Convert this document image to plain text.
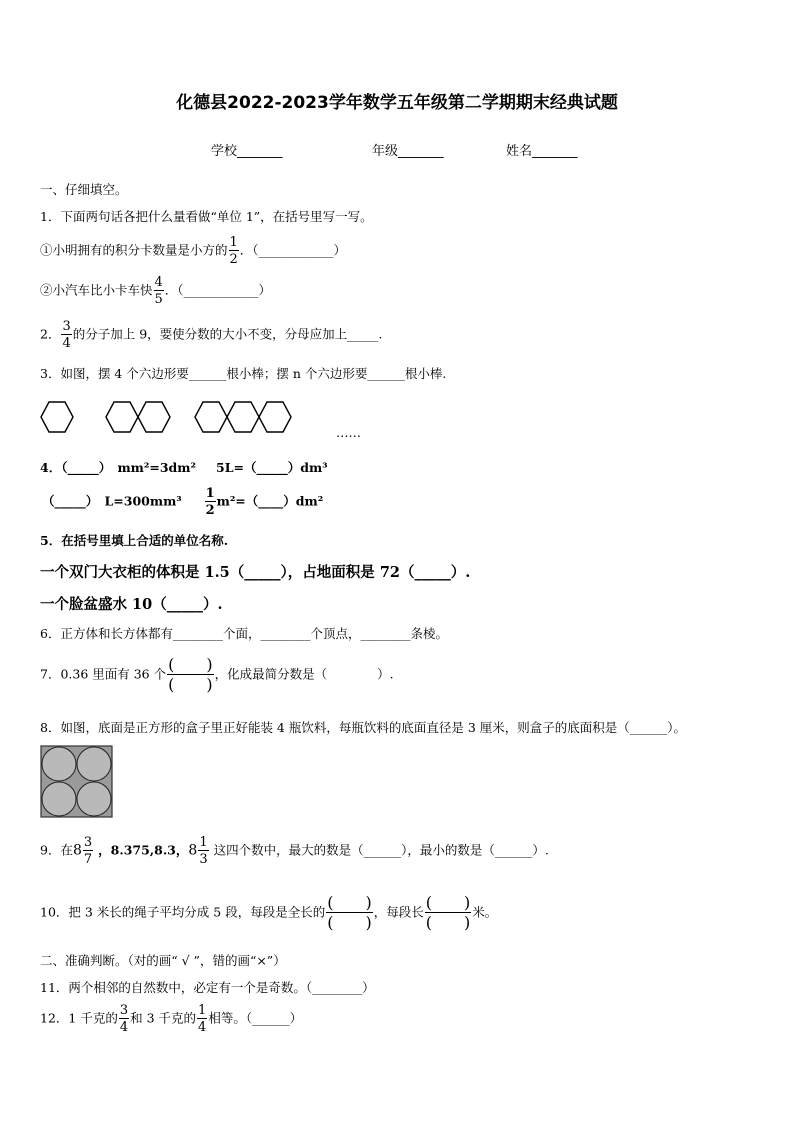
化德县2022-2023学年数学五年级第二学期期末经典试题
学校_______	年级_______	姓名_______
一、仔细填空。
1．下面两句话各把什么量看做“单位 1”，在括号里写一写。
①小明拥有的积分卡数量是小方的 $\frac{1}{2}$ ．（____________）
②小汽车比小卡车快 $\frac{4}{5}$ ．（____________）
2． $\frac{3}{4}$ 的分子加上 9，要使分数的大小不变，分母应加上_____.
3．如图，摆 4 个六边形要______根小棒；摆 n 个六边形要______根小棒.
……
4．（_____）　mm²=3dm² 5L=（_____）dm³
（_____）　$L=300mm^3 \frac{1}{2}$ m²=（____）dm²
5．在括号里填上合适的单位名称.
一个双门大衣柜的体积是 1.5（_____），占地面积是 72（_____）.
一个脸盆盛水 10（_____）.
6．正方体和长方体都有________个面，________个顶点，________条棱。
7．0.36 里面有 36 个 $\frac{( )}{( )}$ ，化成最简分数是（　　　　）.
8．如图，底面是正方形的盒子里正好能装 4 瓶饮料，每瓶饮料的底面直径是 3 厘米，则盒子的底面积是（______）。
9．在$8 \frac{3}{7}$ ，8.375,8.3，$8 \frac{1}{3}$ 这四个数中，最大的数是（______），最小的数是（______）.
10．把 3 米长的绳子平均分成 5 段，每段是全长的 $\frac{( )}{( )}$ ，每段长 $\frac{( )}{( )}$ 米。
二、准确判断。（对的画“ √ ”，错的画“×”）
11．两个相邻的自然数中，必定有一个是奇数。（________）
12．1 千克的 $\frac{3}{4}$ 和 3 千克的 $\frac{1}{4}$ 相等。（______）
